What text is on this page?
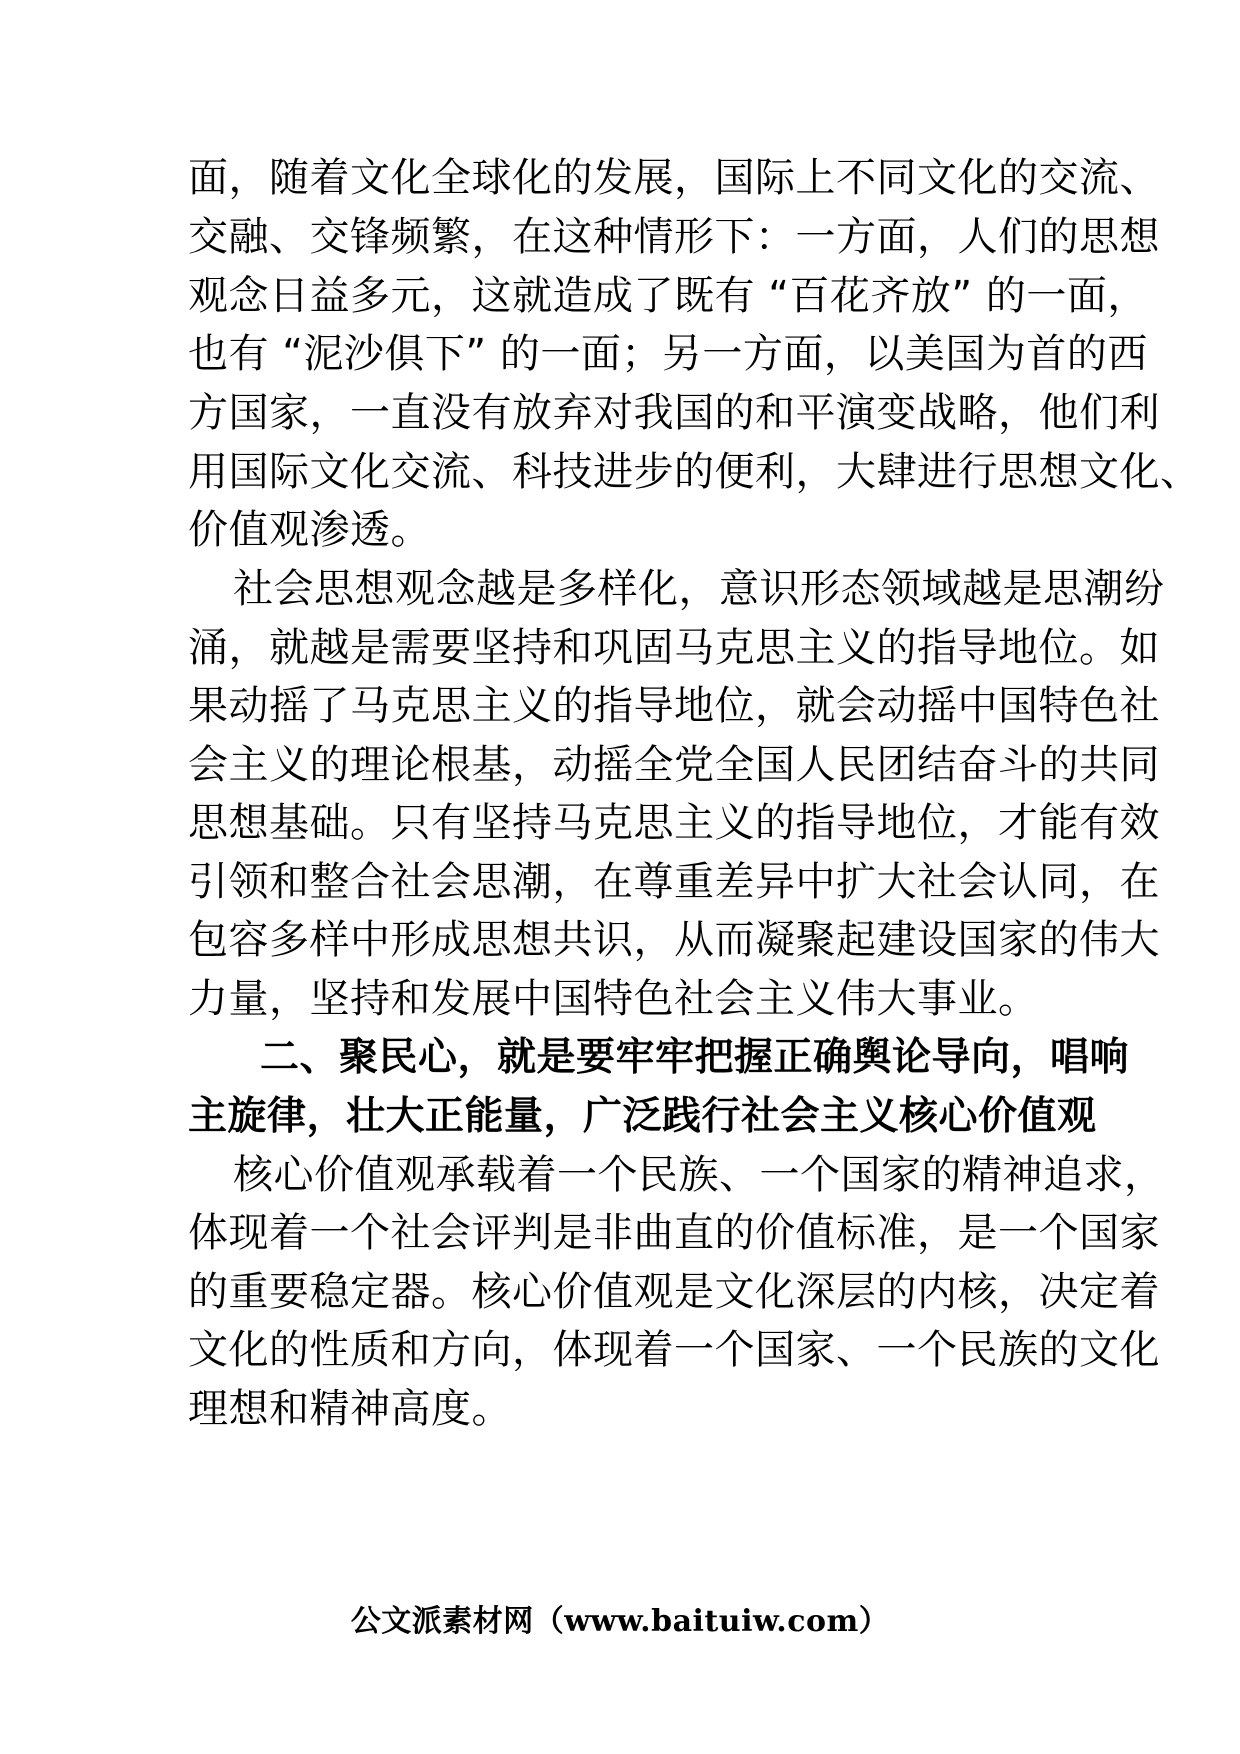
面，随着文化全球化的发展，国际上不同文化的交流、
交融、交锋频繁，在这种情形下：一方面，人们的思想
观念日益多元，这就造成了既有 “百花齐放” 的一面，
也有 “泥沙俱下” 的一面；另一方面，以美国为首的西
方国家，一直没有放弃对我国的和平演变战略，他们利
用国际文化交流、科技进步的便利，大肆进行思想文化、
价值观渗透。
社会思想观念越是多样化，意识形态领域越是思潮纷
涌，就越是需要坚持和巩固马克思主义的指导地位。如
果动摇了马克思主义的指导地位，就会动摇中国特色社
会主义的理论根基，动摇全党全国人民团结奋斗的共同
思想基础。只有坚持马克思主义的指导地位，才能有效
引领和整合社会思潮，在尊重差异中扩大社会认同，在
包容多样中形成思想共识，从而凝聚起建设国家的伟大
力量，坚持和发展中国特色社会主义伟大事业。
二、聚民心，就是要牢牢把握正确舆论导向，唱响
主旋律，壮大正能量，广泛践行社会主义核心价值观
核心价值观承载着一个民族、一个国家的精神追求，
体现着一个社会评判是非曲直的价值标准，是一个国家
的重要稳定器。核心价值观是文化深层的内核，决定着
文化的性质和方向，体现着一个国家、一个民族的文化
理想和精神高度。
公文派素材网（www.baituiw.com）
